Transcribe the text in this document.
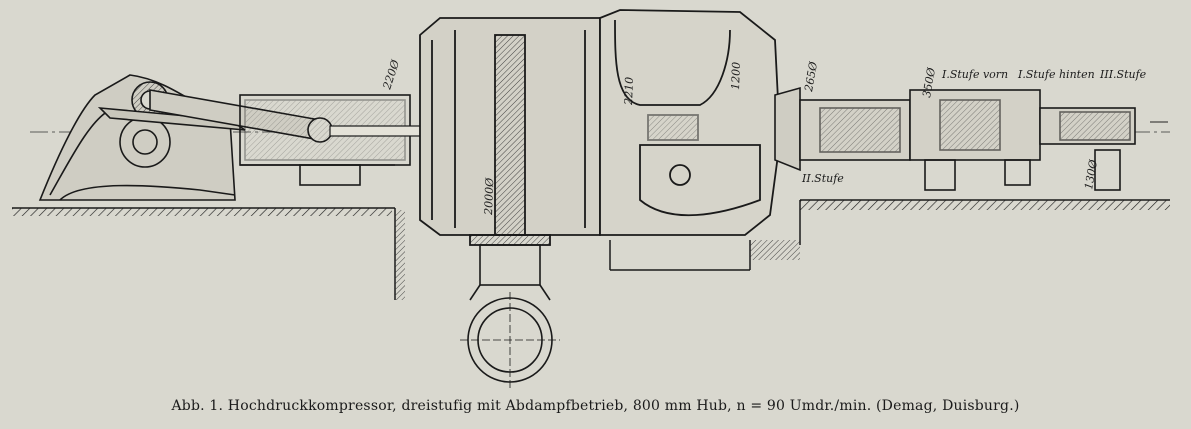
220Ø
2000Ø
2210
1200	265Ø	350Ø
130Ø
I.Stufe vorn I.Stufe hinten III.Stufe
II.Stufe
Abb. 1. Hochdruckkompressor, dreistufig mit Abdampfbetrieb, 800 mm Hub, n = 90 Umdr./min. (Demag, Duisburg.)
